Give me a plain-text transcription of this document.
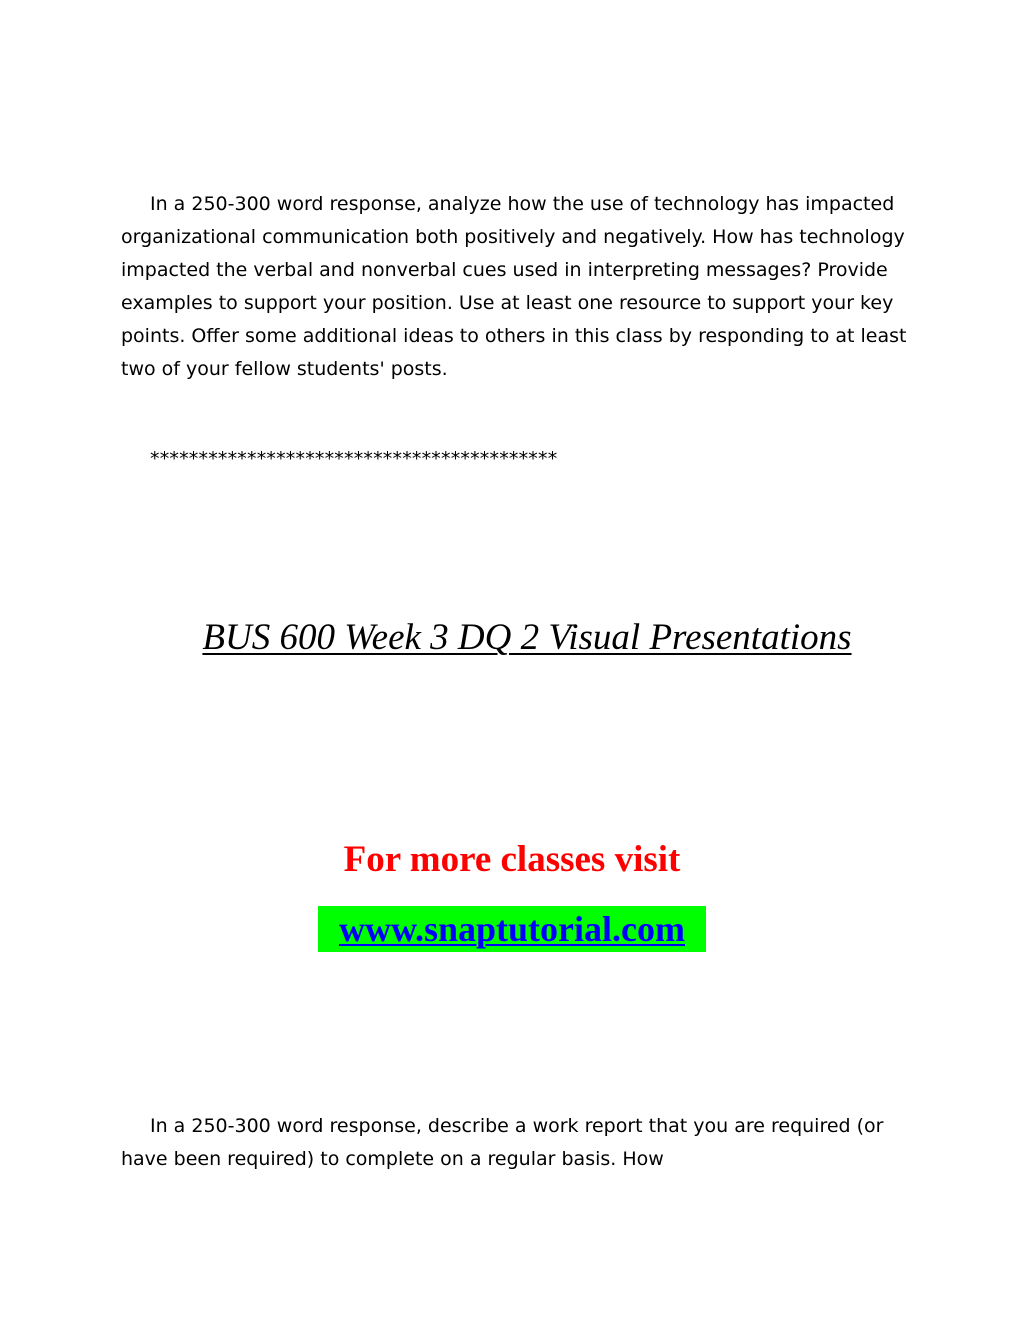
In a 250-300 word response, analyze how the use of technology has impacted organizational communication both positively and negatively. How has technology impacted the verbal and nonverbal cues used in interpreting messages? Provide examples to support your position. Use at least one resource to support your key points. Offer some additional ideas to others in this class by responding to at least two of your fellow students' posts.

******************************************
BUS 600 Week 3 DQ 2 Visual Presentations
For more classes visit
www.snaptutorial.com

In a 250-300 word response, describe a work report that you are required (or have been required) to complete on a regular basis. How
